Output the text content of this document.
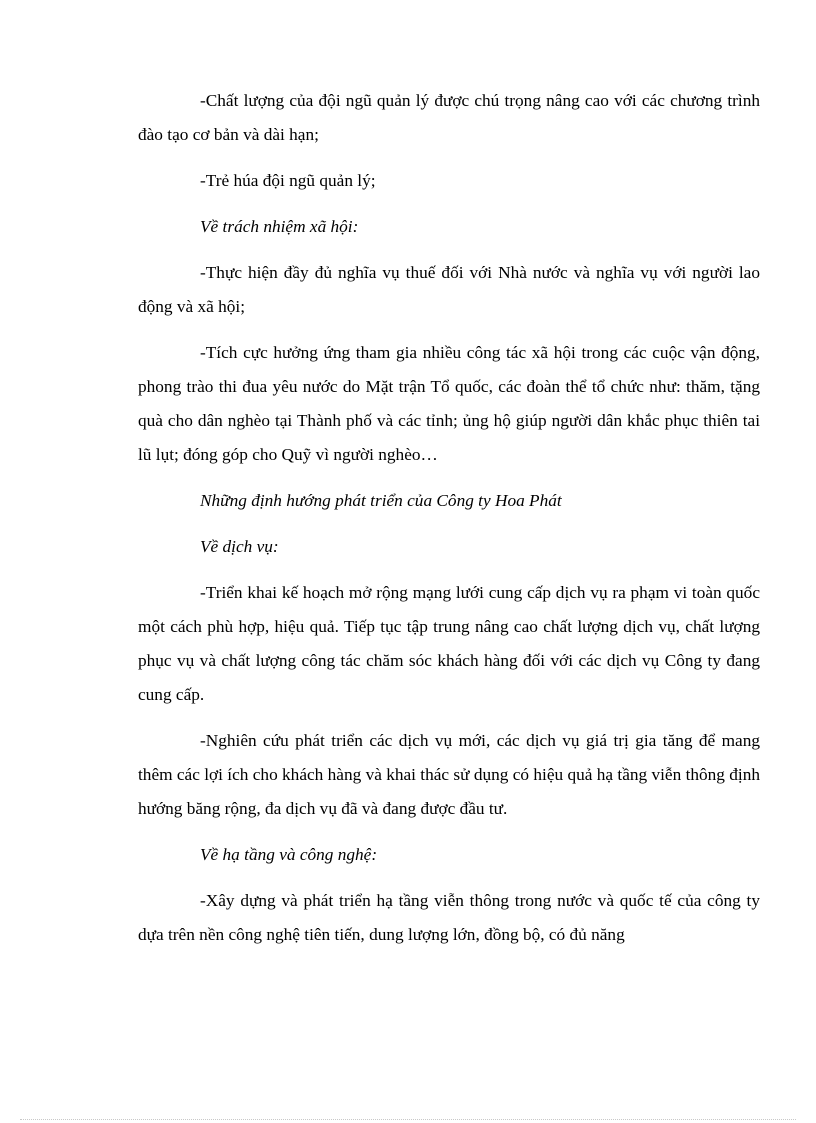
-Chất lượng của đội ngũ quản lý được chú trọng nâng cao với các chương trình đào tạo cơ bản và dài hạn;

-Trẻ húa đội ngũ quản lý;

Về trách nhiệm xã hội:

-Thực hiện đầy đủ nghĩa vụ thuế đối với Nhà nước và nghĩa vụ với người lao động và xã hội;

-Tích cực hưởng ứng tham gia nhiều công tác xã hội trong các cuộc vận động, phong trào thi đua yêu nước do Mặt trận Tổ quốc, các đoàn thể tổ chức như: thăm, tặng quà cho dân nghèo tại Thành phố và các tỉnh; ủng hộ giúp người dân khắc phục thiên tai lũ lụt; đóng góp cho Quỹ vì người nghèo…

Những định hướng phát triển của Công ty Hoa Phát

Về dịch vụ:

-Triển khai kế hoạch mở rộng mạng lưới cung cấp dịch vụ ra phạm vi toàn quốc một cách phù hợp, hiệu quả. Tiếp tục tập trung nâng cao chất lượng dịch vụ, chất lượng phục vụ và chất lượng công tác chăm sóc khách hàng đối với các dịch vụ Công ty đang cung cấp.

-Nghiên cứu phát triển các dịch vụ mới, các dịch vụ giá trị gia tăng để mang thêm các lợi ích cho khách hàng và khai thác sử dụng có hiệu quả hạ tầng viễn thông định hướng băng rộng, đa dịch vụ đã và đang được đầu tư.

Về hạ tầng và công nghệ:

-Xây dựng và phát triển hạ tầng viễn thông trong nước và quốc tế của công ty dựa trên nền công nghệ tiên tiến, dung lượng lớn, đồng bộ, có đủ năng
